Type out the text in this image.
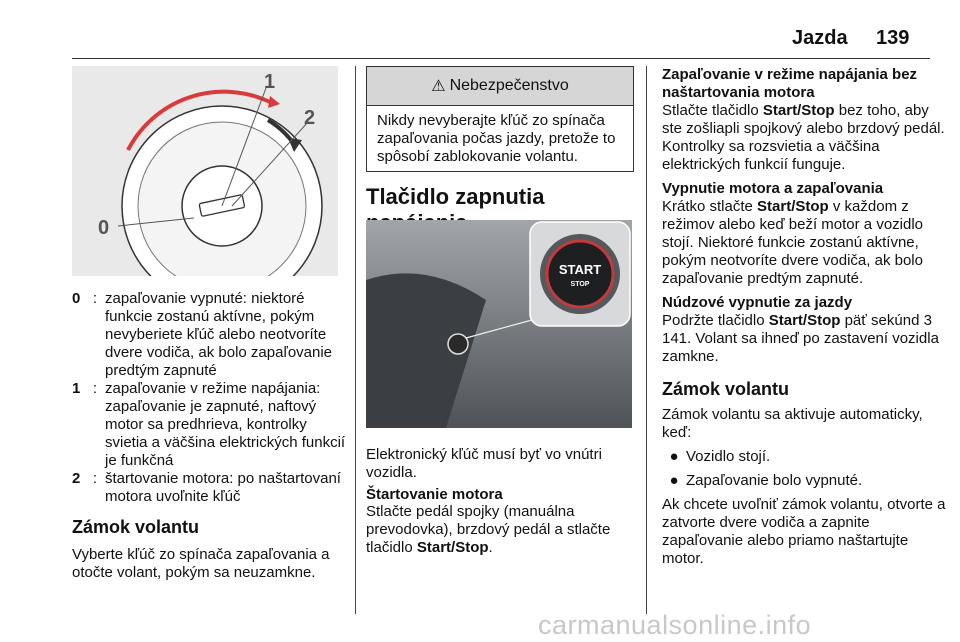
Jazda 139
1
2
0
0 : zapaľovanie vypnuté: niektoré funkcie zostanú aktívne, pokým nevyberiete kľúč alebo neotvoríte dvere vodiča, ak bolo zapaľovanie predtým zapnuté
1 : zapaľovanie v režime napájania: zapaľovanie je zapnuté, naftový motor sa predhrieva, kontrolky svietia a väčšina elektrických funkcií je funkčná
2 : štartovanie motora: po naštartovaní motora uvoľnite kľúč
Zámok volantu
Vyberte kľúč zo spínača zapaľovania a otočte volant, pokým sa neuzamkne.
⚠ Nebezpečenstvo
Nikdy nevyberajte kľúč zo spínača zapaľovania počas jazdy, pretože to spôsobí zablokovanie volantu.
Tlačidlo zapnutia
START
STOP
Elektronický kľúč musí byť vo vnútri vozidla.
Štartovanie motora
Stlačte pedál spojky (manuálna prevodovka), brzdový pedál a stlačte tlačidlo Start/Stop.
Zapaľovanie v režime napájania bez naštartovania motora
Stlačte tlačidlo Start/Stop bez toho, aby ste zošliapli spojkový alebo brzdový pedál. Kontrolky sa rozsvietia a väčšina elektrických funkcií funguje.
Vypnutie motora a zapaľovania
Krátko stlačte Start/Stop v každom z režimov alebo keď beží motor a vozidlo stojí. Niektoré funkcie zostanú aktívne, pokým neotvoríte dvere vodiča, ak bolo zapaľovanie predtým zapnuté.
Núdzové vypnutie za jazdy
Podržte tlačidlo Start/Stop päť sekúnd 3 141. Volant sa ihneď po zastavení vozidla zamkne.
Zámok volantu
Zámok volantu sa aktivuje automaticky, keď:
● Vozidlo stojí.
● Zapaľovanie bolo vypnuté.
Ak chcete uvoľniť zámok volantu, otvorte a zatvorte dvere vodiča a zapnite zapaľovanie alebo priamo naštartujte motor.
carmanualsonline.info
